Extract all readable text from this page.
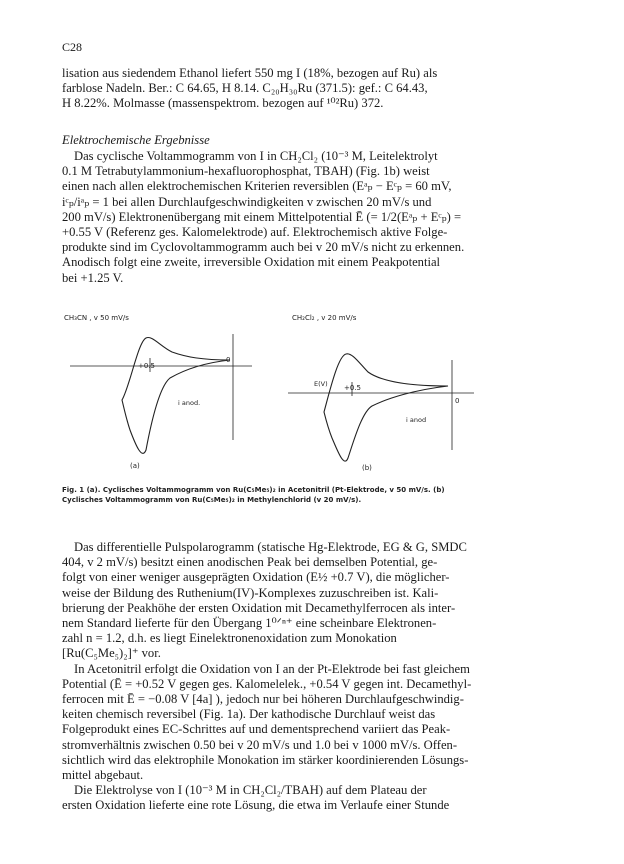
C28
lisation aus siedendem Ethanol liefert 550 mg I (18%, bezogen auf Ru) als
farblose Nadeln. Ber.: C 64.65, H 8.14. C₂₀H₃₀Ru (371.5): gef.: C 64.43,
H 8.22%. Molmasse (massenspektrom. bezogen auf ¹⁰²Ru) 372.
Elektrochemische Ergebnisse
Das cyclische Voltammogramm von I in CH₂Cl₂ (10⁻³ M, Leitelektrolyt
0.1 M Tetrabutylammonium-hexafluorophosphat, TBAH) (Fig. 1b) weist
einen nach allen elektrochemischen Kriterien reversiblen (Eᵃₚ − Eᶜₚ = 60 mV,
iᶜₚ/iᵃₚ = 1 bei allen Durchlaufgeschwindigkeiten v zwischen 20 mV/s und
200 mV/s) Elektronenübergang mit einem Mittelpotential Ē (= 1/2(Eᵃₚ + Eᶜₚ) =
+0.55 V (Referenz ges. Kalomelektrode) auf. Elektrochemisch aktive Folge-
produkte sind im Cyclovoltammogramm auch bei v 20 mV/s nicht zu erkennen.
Anodisch folgt eine zweite, irreversible Oxidation mit einem Peakpotential
bei +1.25 V.
CH₃CN , v 50 mV/s
+0.5
0
i anod.
(a)
CH₂Cl₂ , v 20 mV/s
E(V) +0.5
0
i anod
(b)
Fig. 1 (a). Cyclisches Voltammogramm von Ru(C₅Me₅)₂ in Acetonitril (Pt-Elektrode, v 50 mV/s. (b)
Cyclisches Voltammogramm von Ru(C₅Me₅)₂ in Methylenchlorid (v 20 mV/s).
Das differentielle Pulspolarogramm (statische Hg-Elektrode, EG & G, SMDC
404, v 2 mV/s) besitzt einen anodischen Peak bei demselben Potential, ge-
folgt von einer weniger ausgeprägten Oxidation (E½ +0.7 V), die möglicher-
weise der Bildung des Ruthenium(IV)-Komplexes zuzuschreiben ist. Kali-
brierung der Peakhöhe der ersten Oxidation mit Decamethylferrocen als inter-
nem Standard lieferte für den Übergang 1⁰ᐟⁿ⁺ eine scheinbare Elektronen-
zahl n = 1.2, d.h. es liegt Einelektronenoxidation zum Monokation
[Ru(C₅Me₅)₂]⁺ vor.
In Acetonitril erfolgt die Oxidation von I an der Pt-Elektrode bei fast gleichem
Potential (Ē = +0.52 V gegen ges. Kalomelelek., +0.54 V gegen int. Decamethyl-
ferrocen mit Ē = −0.08 V [4a] ), jedoch nur bei höheren Durchlaufgeschwindig-
keiten chemisch reversibel (Fig. 1a). Der kathodische Durchlauf weist das
Folgeprodukt eines EC-Schrittes auf und dementsprechend variiert das Peak-
stromverhältnis zwischen 0.50 bei v 20 mV/s und 1.0 bei v 1000 mV/s. Offen-
sichtlich wird das elektrophile Monokation im stärker koordinierenden Lösungs-
mittel abgebaut.
Die Elektrolyse von I (10⁻³ M in CH₂Cl₂/TBAH) auf dem Plateau der
ersten Oxidation lieferte eine rote Lösung, die etwa im Verlaufe einer Stunde
